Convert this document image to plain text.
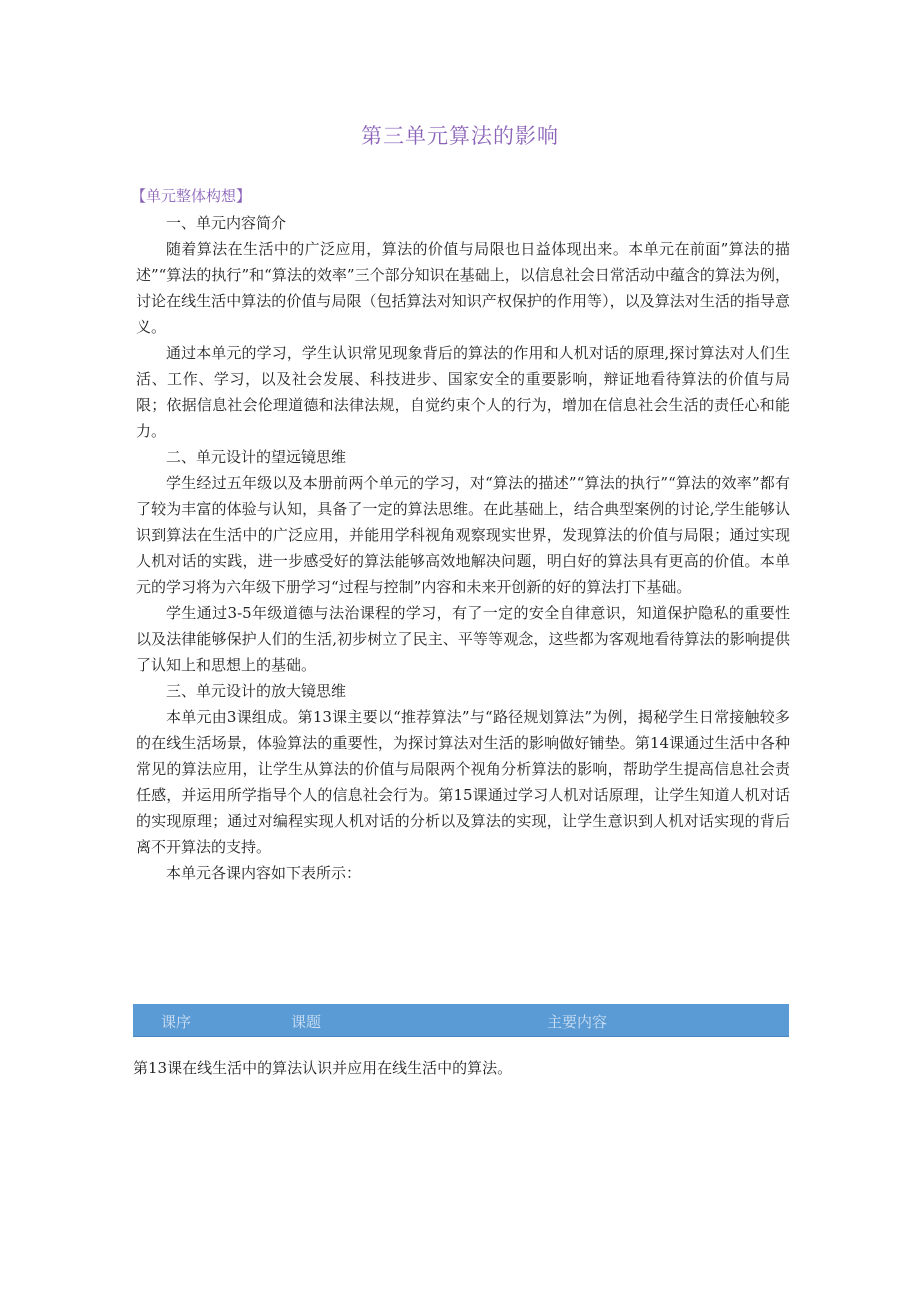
第三单元算法的影响
【单元整体构想】

一、单元内容简介

随着算法在生活中的广泛应用，算法的价值与局限也日益体现出来。本单元在前面”算法的描述”“算法的执行”和“算法的效率”三个部分知识在基础上，以信息社会日常活动中蕴含的算法为例，讨论在线生活中算法的价值与局限（包括算法对知识产权保护的作用等），以及算法对生活的指导意义。

通过本单元的学习，学生认识常见现象背后的算法的作用和人机对话的原理,探讨算法对人们生活、工作、学习，以及社会发展、科技进步、国家安全的重要影响，辩证地看待算法的价值与局限；依据信息社会伦理道德和法律法规，自觉约束个人的行为，增加在信息社会生活的责任心和能力。

二、单元设计的望远镜思维

学生经过五年级以及本册前两个单元的学习，对“算法的描述”“算法的执行”“算法的效率”都有了较为丰富的体验与认知，具备了一定的算法思维。在此基础上，结合典型案例的讨论,学生能够认识到算法在生活中的广泛应用，并能用学科视角观察现实世界，发现算法的价值与局限；通过实现人机对话的实践，进一步感受好的算法能够高效地解决问题，明白好的算法具有更高的价值。本单元的学习将为六年级下册学习“过程与控制”内容和未来开创新的好的算法打下基础。

学生通过3-5年级道德与法治课程的学习，有了一定的安全自律意识，知道保护隐私的重要性以及法律能够保护人们的生活,初步树立了民主、平等等观念，这些都为客观地看待算法的影响提供了认知上和思想上的基础。

三、单元设计的放大镜思维

本单元由3课组成。第13课主要以“推荐算法”与“路径规划算法”为例，揭秘学生日常接触较多的在线生活场景，体验算法的重要性，为探讨算法对生活的影响做好铺垫。第14课通过生活中各种常见的算法应用，让学生从算法的价值与局限两个视角分析算法的影响，帮助学生提高信息社会责任感，并运用所学指导个人的信息社会行为。第15课通过学习人机对话原理，让学生知道人机对话的实现原理；通过对编程实现人机对话的分析以及算法的实现，让学生意识到人机对话实现的背后离不开算法的支持。

本单元各课内容如下表所示：

课序	课题	主要内容
第13课在线生活中的算法认识并应用在线生活中的算法。
